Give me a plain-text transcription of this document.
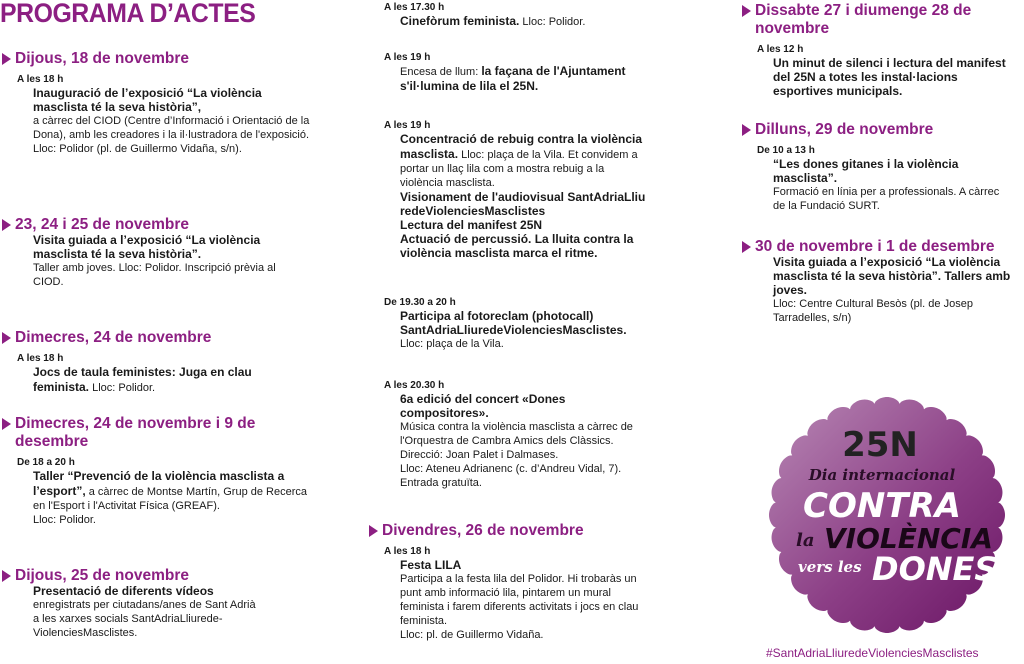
PROGRAMA D’ACTES
Dijous, 18 de novembre
A les 18 h

Inauguració de l’exposició “La violència masclista té la seva història”,

a càrrec del CIOD (Centre d’Informació i Orientació de la Dona), amb les creadores i la il·lustradora de l'exposició.

Lloc: Polidor (pl. de Guillermo Vidaña, s/n).

23, 24 i 25 de novembre

Visita guiada a l’exposició “La violència masclista té la seva història”.

Taller amb joves. Lloc: Polidor. Inscripció prèvia al CIOD.

Dimecres, 24 de novembre
A les 18 h

Jocs de taula feministes: Juga en clau feminista. Lloc: Polidor.

Dimecres, 24 de novembre i 9 de desembre
De 18 a 20 h

Taller “Prevenció de la violència masclista a l’esport”, a càrrec de Montse Martín, Grup de Recerca en l'Esport i l'Activitat Física (GREAF).

Lloc: Polidor.

Dijous, 25 de novembre

Presentació de diferents vídeos

enregistrats per ciutadans/anes de Sant Adrià a les xarxes socials SantAdriaLliurede-ViolenciesMasclistes.

A les 17.30 h

Cinefòrum feminista. Lloc: Polidor.

A les 19 h

Encesa de llum: la façana de l'Ajuntament s'il·lumina de lila el 25N.

A les 19 h

Concentració de rebuig contra la violència masclista. Lloc: plaça de la Vila. Et convidem a portar un llaç lila com a mostra rebuig a la violència masclista.

Visionament de l'audiovisual SantAdriaLliuredeViolenciesMasclistes

Lectura del manifest 25N

Actuació de percussió. La lluita contra la violència masclista marca el ritme.

De 19.30 a 20 h

Participa al fotoreclam (photocall) SantAdriaLliuredeViolenciesMasclistes.

Lloc: plaça de la Vila.

A les 20.30 h

6a edició del concert «Dones compositores».

Música contra la violència masclista a càrrec de l'Orquestra de Cambra Amics dels Clàssics. Direcció: Joan Palet i Dalmases.

Lloc: Ateneu Adrianenc (c. d’Andreu Vidal, 7). Entrada gratuïta.

Divendres, 26 de novembre
A les 18 h

Festa LILA

Participa a la festa lila del Polidor. Hi trobaràs un punt amb informació lila, pintarem un mural feminista i farem diferents activitats i jocs en clau feminista.

Lloc: pl. de Guillermo Vidaña.

Dissabte 27 i diumenge 28 de novembre
A les 12 h

Un minut de silenci i lectura del manifest del 25N a totes les instal·lacions esportives municipals.

Dilluns, 29 de novembre
De 10 a 13 h

“Les dones gitanes i la violència masclista”.

Formació en línia per a professionals. A càrrec de la Fundació SURT.

30 de novembre i 1 de desembre

Visita guiada a l’exposició “La violència masclista té la seva història”. Tallers amb joves.

Lloc: Centre Cultural Besòs (pl. de Josep Tarradelles, s/n)

25N
Dia internacional
CONTRA
la VIOLÈNCIA
vers les DONES
#SantAdriaLliuredeViolenciesMasclistes
